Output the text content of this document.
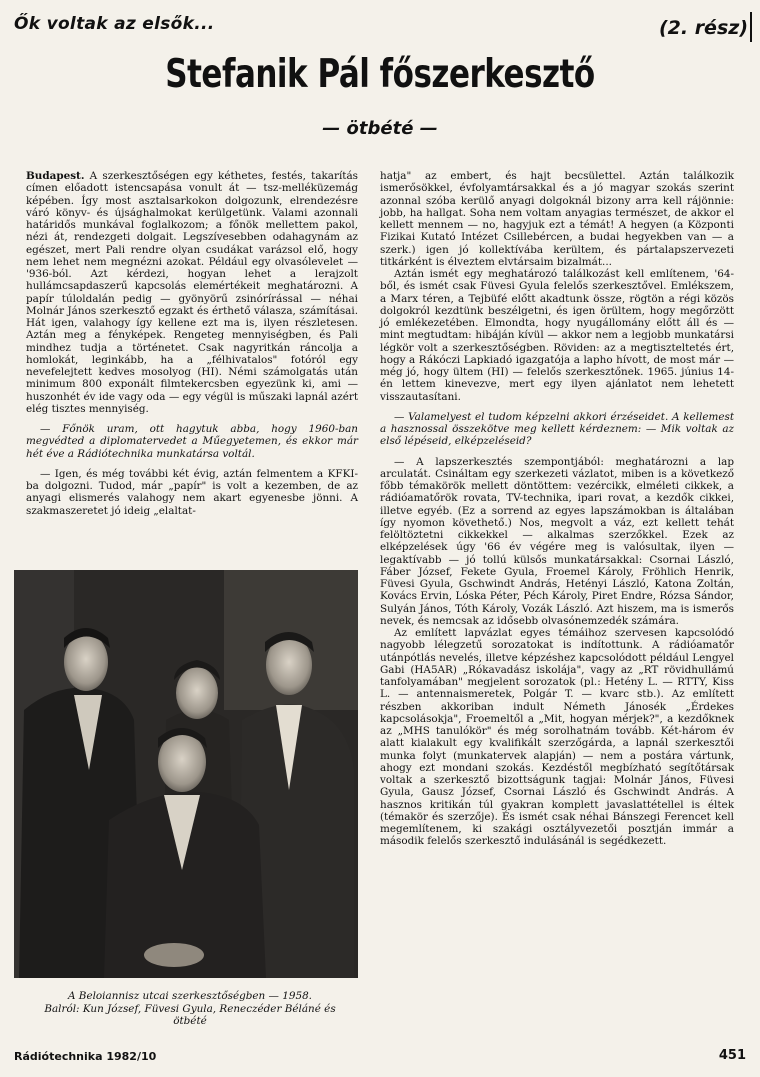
Ők voltak az elsők...	(2. rész)
Stefanik Pál főszerkesztő
— ötbété —

Budapest. A szerkesztőségen egy kéthetes, festés, takarítás címen előadott istencsapása vonult át — tsz-melléküzemág képében. Így most asztalsarkokon dolgozunk, elrendezésre váró könyv- és újsághalmokat kerülgetünk. Valami azonnali határidős munkával foglalkozom; a főnök mellettem pakol, nézi át, rendezgeti dolgait. Legszívesebben odahagynám az egészet, mert Pali rendre olyan csudákat varázsol elő, hogy nem lehet nem megnézni azokat. Például egy olvasólevelet — '936-ból. Azt kérdezi, hogyan lehet a lerajzolt hullámcsapdaszerű kapcsolás elemértékeit meghatározni. A papír túloldalán pedig — gyönyörű zsinórírással — néhai Molnár János szerkesztő egzakt és érthető válasza, számításai. Hát igen, valahogy így kellene ezt ma is, ilyen részletesen. Aztán meg a fényképek. Rengeteg mennyiségben, és Pali mindhez tudja a történetet. Csak nagyritkán ráncolja a homlokát, leginkább, ha a „félhivatalos" fotóról egy nevefelejtett kedves mosolyog (HI). Némi számolgatás után minimum 800 exponált filmtekercsben egyezünk ki, ami — huszonhét év ide vagy oda — egy végül is műszaki lapnál azért elég tisztes mennyiség.

— Főnök uram, ott hagytuk abba, hogy 1960-ban megvédted a diplomatervedet a Műegyetemen, és ekkor már hét éve a Rádiótechnika munkatársa voltál.

— Igen, és még további két évig, aztán felmentem a KFKI-ba dolgozni. Tudod, már „papír" is volt a kezemben, de az anyagi elismerés valahogy nem akart egyenesbe jönni. A szakmaszeretet jó ideig „elaltat-

A Beloiannisz utcai szerkesztőségben — 1958.
Balról: Kun József, Füvesi Gyula, Reneczéder Béláné és ötbété

hatja" az embert, és hajt becsülettel. Aztán találkozik ismerősökkel, évfolyamtársakkal és a jó magyar szokás szerint azonnal szóba kerülő anyagi dolgoknál bizony arra kell rájönnie: jobb, ha hallgat. Soha nem voltam anyagias természet, de akkor el kellett mennem — no, hagyjuk ezt a témát! A hegyen (a Központi Fizikai Kutató Intézet Csillebércen, a budai hegyekben van — a szerk.) igen jó kollektívába kerültem, és pártalapszervezeti titkárként is élveztem elvtársaim bizalmát...

Aztán ismét egy meghatározó találkozást kell említenem, '64-ből, és ismét csak Füvesi Gyula felelős szerkesztővel. Emlékszem, a Marx téren, a Tejbüfé előtt akadtunk össze, rögtön a régi közös dolgokról kezdtünk beszélgetni, és igen örültem, hogy megőrzött jó emlékezetében. Elmondta, hogy nyugállomány előtt áll és — mint megtudtam: hibáján kívül — akkor nem a legjobb munkatársi légkör volt a szerkesztőségben. Röviden: az a megtiszteltetés ért, hogy a Rákóczi Lapkiadó igazgatója a lapho hívott, de most már — még jó, hogy ültem (HI) — felelős szerkesztőnek. 1965. június 14-én lettem kinevezve, mert egy ilyen ajánlatot nem lehetett visszautasítani.

— Valamelyest el tudom képzelni akkori érzéseidet. A kellemest a hasznossal összekötve meg kellett kérdeznem: — Mik voltak az első lépéseid, elképzeléseid?

— A lapszerkesztés szempontjából: meghatározni a lap arculatát. Csináltam egy szerkezeti vázlatot, miben is a következő főbb témakörök mellett döntöttem: vezércikk, elméleti cikkek, a rádióamatőrök rovata, TV-technika, ipari rovat, a kezdők cikkei, illetve egyéb. (Ez a sorrend az egyes lapszámokban is általában így nyomon követhető.) Nos, megvolt a váz, ezt kellett tehát felöltöztetni cikkekkel — alkalmas szerzőkkel. Ezek az elképzelések úgy '66 év végére meg is valósultak, ilyen — legaktívabb — jó tollú külsős munkatársakkal: Csornai László, Fáber József, Fekete Gyula, Froemel Károly, Fröhlich Henrik, Füvesi Gyula, Gschwindt András, Hetényi László, Katona Zoltán, Kovács Ervin, Lóska Péter, Péch Károly, Piret Endre, Rózsa Sándor, Sulyán János, Tóth Károly, Vozák László. Azt hiszem, ma is ismerős nevek, és nemcsak az idősebb olvasónemzedék számára.

Az említett lapvázlat egyes témáihoz szervesen kapcsolódó nagyobb lélegzetű sorozatokat is indítottunk. A rádióamatőr utánpótlás nevelés, illetve képzéshez kapcsolódott például Lengyel Gabi (HA5AR) „Rókavadász iskolája", vagy az „RT rövidhullámú tanfolyamában" megjelent sorozatok (pl.: Hetény L. — RTTY, Kiss L. — antennaismeretek, Polgár T. — kvarc stb.). Az említett részben akkoriban indult Németh Jánosék „Érdekes kapcsolásokja", Froemeltől a „Mit, hogyan mérjek?", a kezdőknek az „MHS tanulókör" és még sorolhatnám tovább. Két-három év alatt kialakult egy kvalifikált szerzőgárda, a lapnál szerkesztői munka folyt (munkatervek alapján) — nem a postára vártunk, ahogy ezt mondani szokás. Kezdéstől megbízható segítőtársak voltak a szerkesztő bizottságunk tagjai: Molnár János, Füvesi Gyula, Gausz József, Csornai László és Gschwindt András. A hasznos kritikán túl gyakran komplett javaslattétellel is éltek (témakör és szerzője). És ismét csak néhai Bánszegi Ferencet kell megemlítenem, ki szakági osztályvezetői posztján immár a második felelős szerkesztő indulásánál is segédkezett.

Rádiótechnika 1982/10	451
